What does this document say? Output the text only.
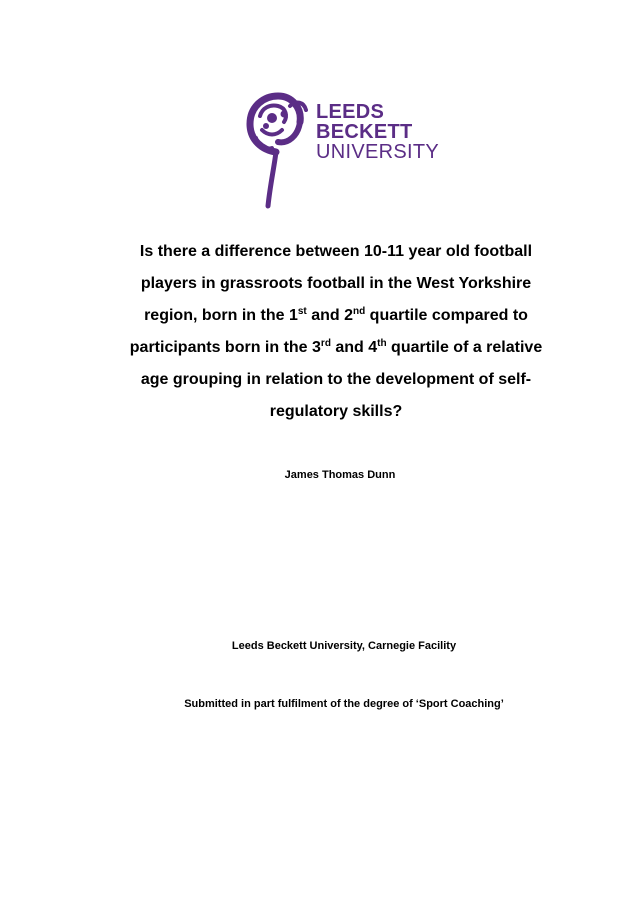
LEEDS
BECKETT
UNIVERSITY
Is there a difference between 10-11 year old football
players in grassroots football in the West Yorkshire
region, born in the 1st and 2nd quartile compared to
participants born in the 3rd and 4th quartile of a relative
age grouping in relation to the development of self-
regulatory skills?
James Thomas Dunn
Leeds Beckett University, Carnegie Facility
Submitted in part fulfilment of the degree of ‘Sport Coaching’
